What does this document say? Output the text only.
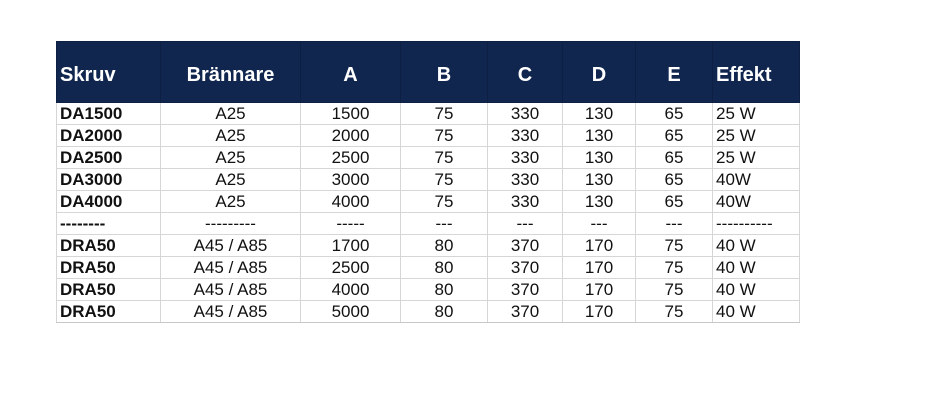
Skruv	Brännare	A	B	C	D	E	Effekt
DA1500	A25	1500	75	330	130	65	25 W
DA2000	A25	2000	75	330	130	65	25 W
DA2500	A25	2500	75	330	130	65	25 W
DA3000	A25	3000	75	330	130	65	40W
DA4000	A25	4000	75	330	130	65	40W
--------	---------	-----	---	---	---	---	----------
DRA50	A45 / A85	1700	80	370	170	75	40 W
DRA50	A45 / A85	2500	80	370	170	75	40 W
DRA50	A45 / A85	4000	80	370	170	75	40 W
DRA50	A45 / A85	5000	80	370	170	75	40 W
